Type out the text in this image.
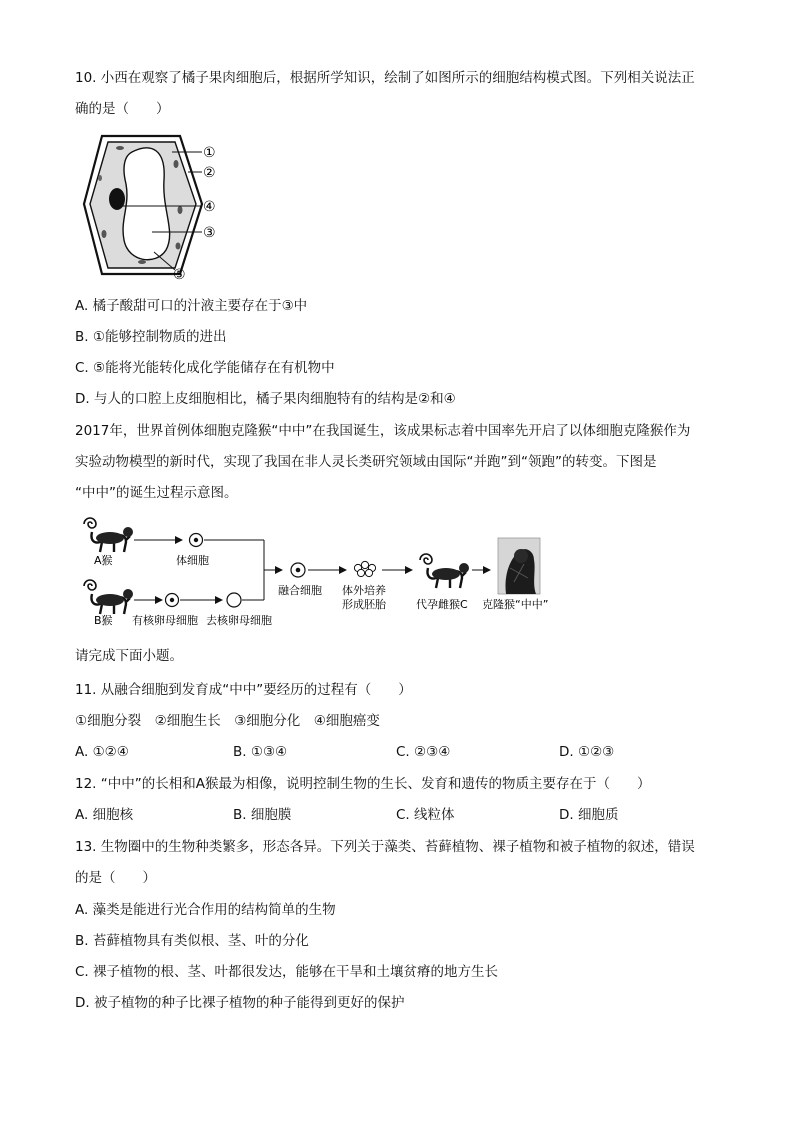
10. 小西在观察了橘子果肉细胞后，根据所学知识，绘制了如图所示的细胞结构模式图。下列相关说法正
确的是（　　）
①
②
④
③
⑤
A. 橘子酸甜可口的汁液主要存在于③中
B. ①能够控制物质的进出
C. ⑤能将光能转化成化学能储存在有机物中
D. 与人的口腔上皮细胞相比，橘子果肉细胞特有的结构是②和④
2017年，世界首例体细胞克隆猴“中中”在我国诞生，该成果标志着中国率先开启了以体细胞克隆猴作为
实验动物模型的新时代，实现了我国在非人灵长类研究领域由国际“并跑”到“领跑”的转变。下图是
“中中”的诞生过程示意图。
A猴	体细胞
B猴 有核卵母细胞 去核卵母细胞
融合细胞 体外培养
形成胚胎	代孕雌猴C 克隆猴“中中”
请完成下面小题。
11. 从融合细胞到发育成“中中”要经历的过程有（　　）
①细胞分裂　②细胞生长　③细胞分化　④细胞癌变
A. ①②④	B. ①③④	C. ②③④	D. ①②③
12. “中中”的长相和A猴最为相像，说明控制生物的生长、发育和遗传的物质主要存在于（　　）
A. 细胞核	B. 细胞膜	C. 线粒体	D. 细胞质
13. 生物圈中的生物种类繁多，形态各异。下列关于藻类、苔藓植物、裸子植物和被子植物的叙述，错误
的是（　　）
A. 藻类是能进行光合作用的结构简单的生物
B. 苔藓植物具有类似根、茎、叶的分化
C. 裸子植物的根、茎、叶都很发达，能够在干旱和土壤贫瘠的地方生长
D. 被子植物的种子比裸子植物的种子能得到更好的保护
